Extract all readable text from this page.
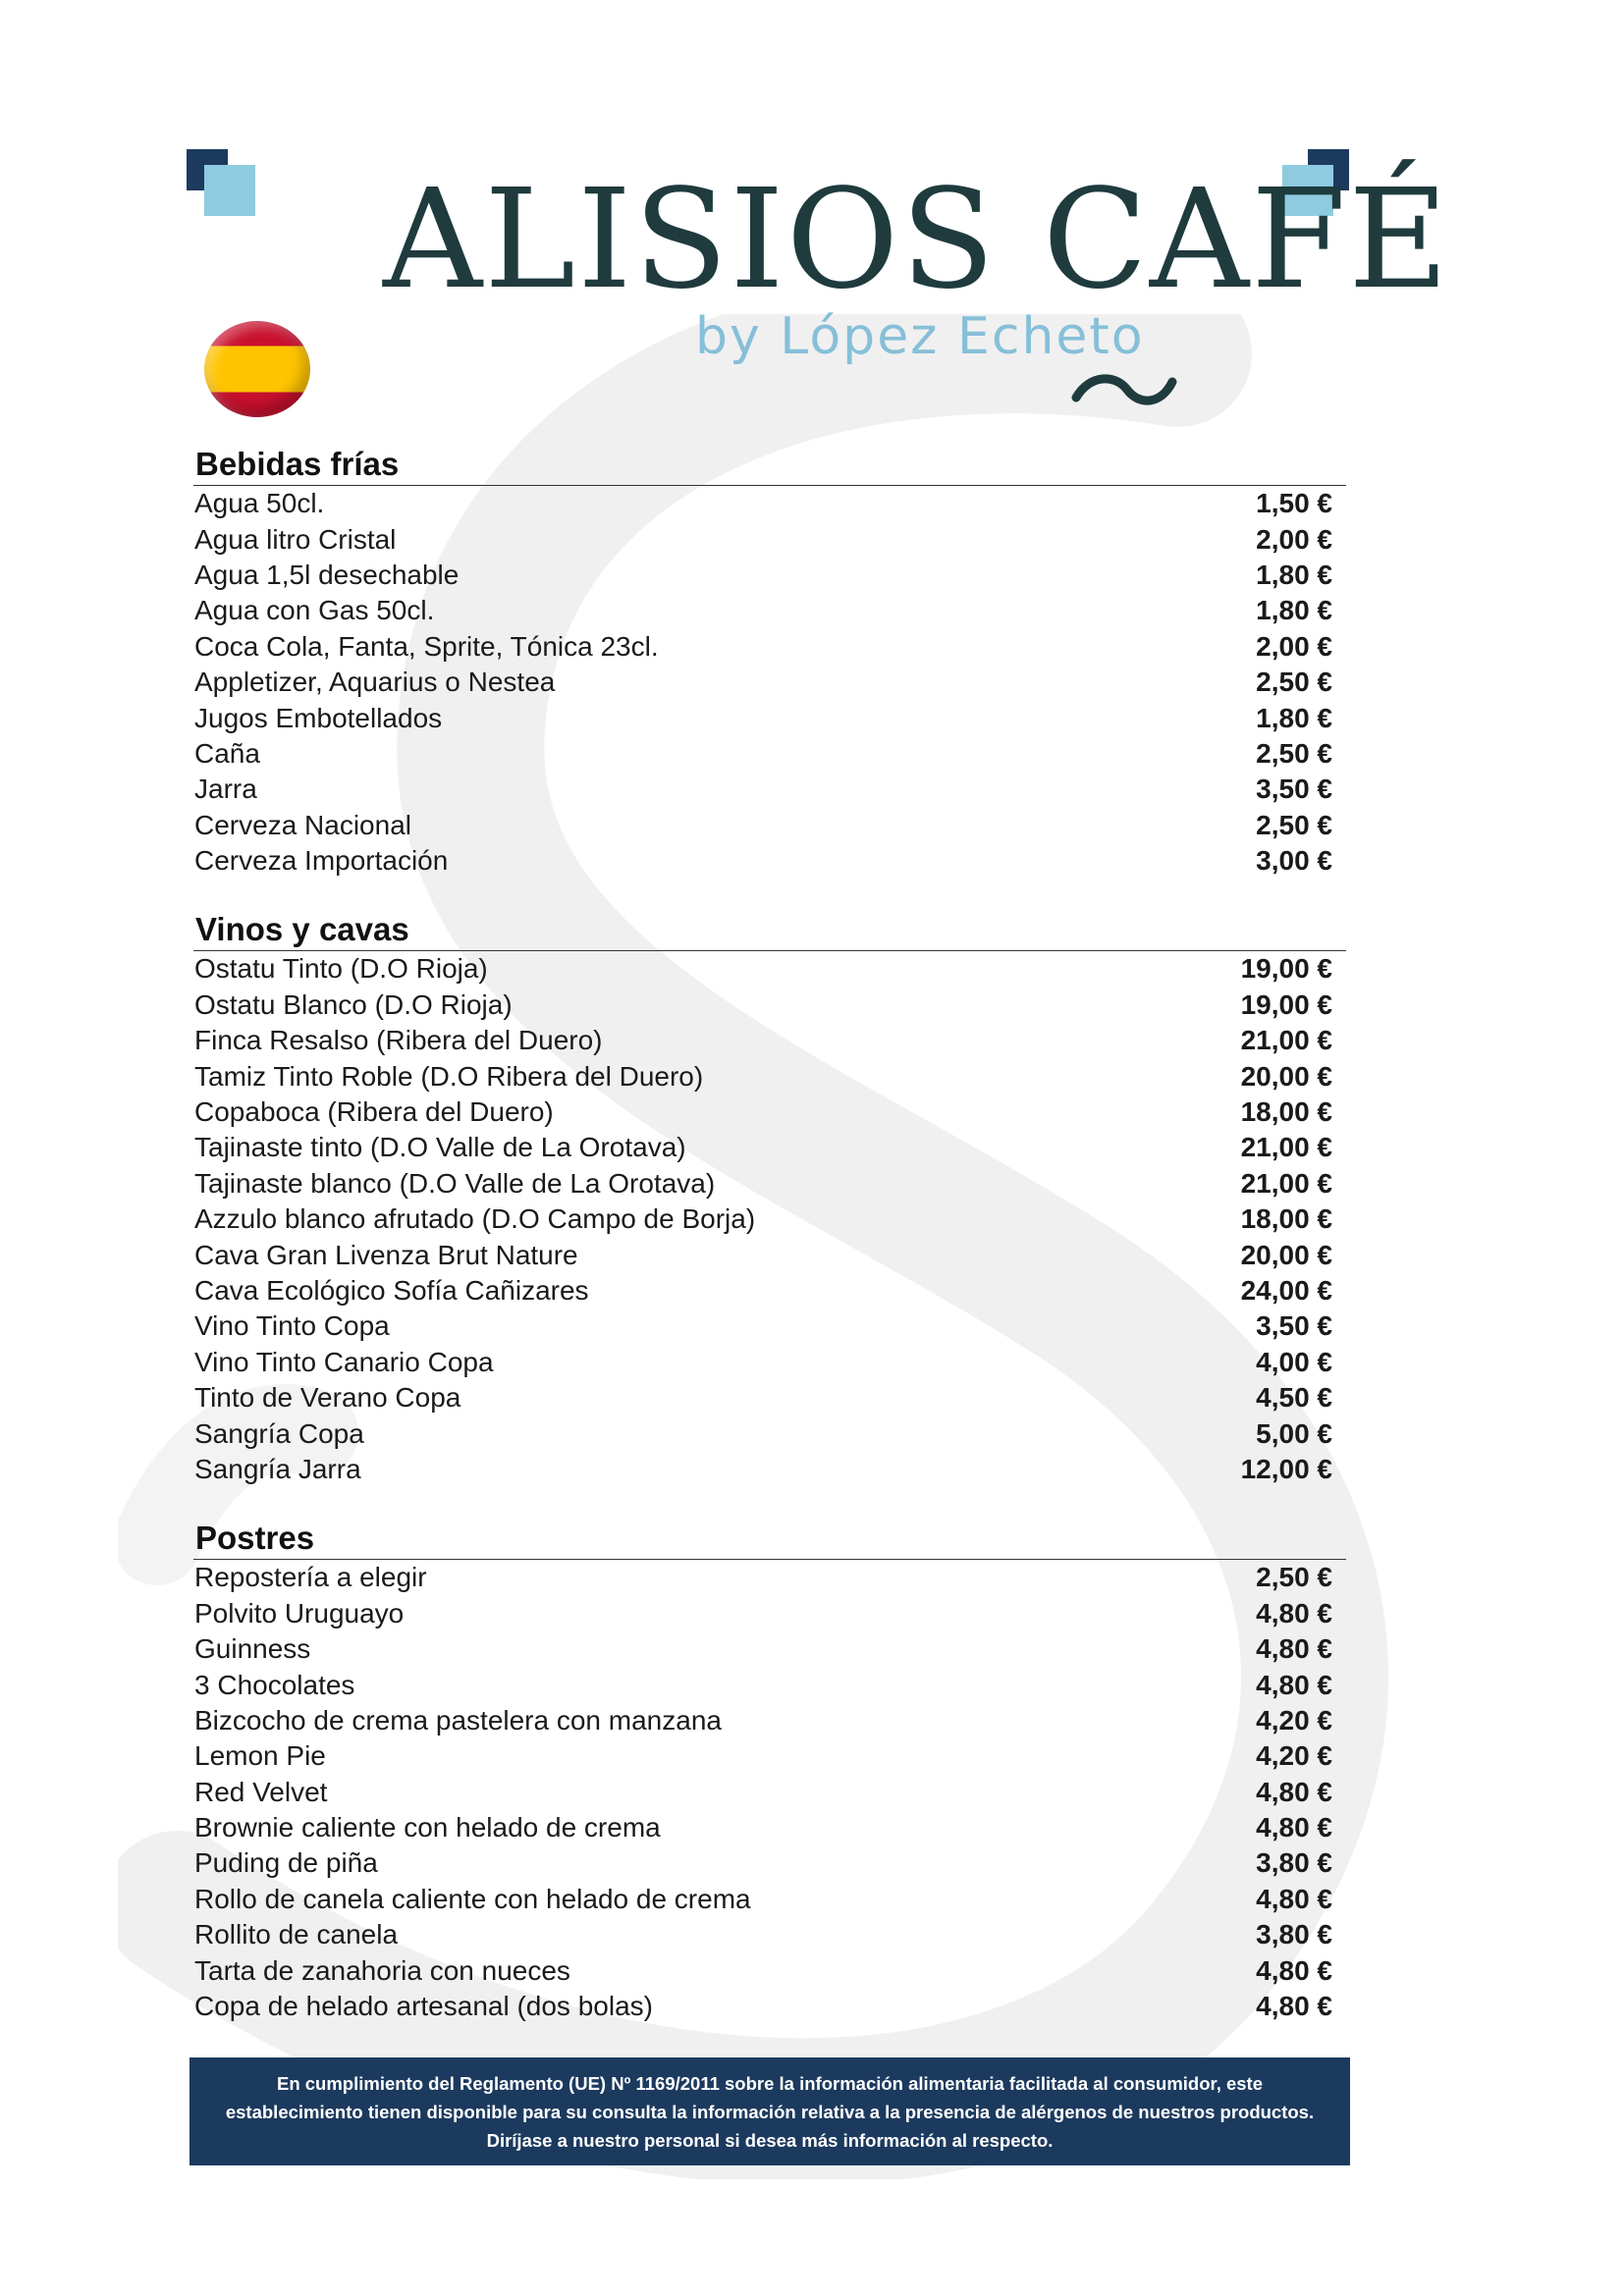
ALISIOS CAFÉ
by López Echeto
Bebidas frías
Agua 50cl.	1,50 €
Agua litro Cristal	2,00 €
Agua 1,5l desechable	1,80 €
Agua con Gas 50cl.	1,80 €
Coca Cola, Fanta, Sprite, Tónica 23cl.	2,00 €
Appletizer, Aquarius o Nestea	2,50 €
Jugos Embotellados	1,80 €
Caña	2,50 €
Jarra	3,50 €
Cerveza Nacional	2,50 €
Cerveza Importación	3,00 €
Vinos y cavas
Ostatu Tinto (D.O Rioja)	19,00 €
Ostatu Blanco (D.O Rioja)	19,00 €
Finca Resalso (Ribera del Duero)	21,00 €
Tamiz Tinto Roble (D.O Ribera del Duero)	20,00 €
Copaboca (Ribera del Duero)	18,00 €
Tajinaste tinto (D.O Valle de La Orotava)	21,00 €
Tajinaste blanco (D.O Valle de La Orotava)	21,00 €
Azzulo blanco afrutado (D.O Campo de Borja)	18,00 €
Cava Gran Livenza Brut Nature	20,00 €
Cava Ecológico Sofía Cañizares	24,00 €
Vino Tinto Copa	3,50 €
Vino Tinto Canario Copa	4,00 €
Tinto de Verano Copa	4,50 €
Sangría Copa	5,00 €
Sangría Jarra	12,00 €
Postres
Repostería a elegir	2,50 €
Polvito Uruguayo	4,80 €
Guinness	4,80 €
3 Chocolates	4,80 €
Bizcocho de crema pastelera con manzana	4,20 €
Lemon Pie	4,20 €
Red Velvet	4,80 €
Brownie caliente con helado de crema	4,80 €
Puding de piña	3,80 €
Rollo de canela caliente con helado de crema	4,80 €
Rollito de canela	3,80 €
Tarta de zanahoria con nueces	4,80 €
Copa de helado artesanal (dos bolas)	4,80 €
En cumplimiento del Reglamento (UE) Nº 1169/2011 sobre la información alimentaria facilitada al consumidor, este
establecimiento tienen disponible para su consulta la información relativa a la presencia de alérgenos de nuestros productos.
Diríjase a nuestro personal si desea más información al respecto.
